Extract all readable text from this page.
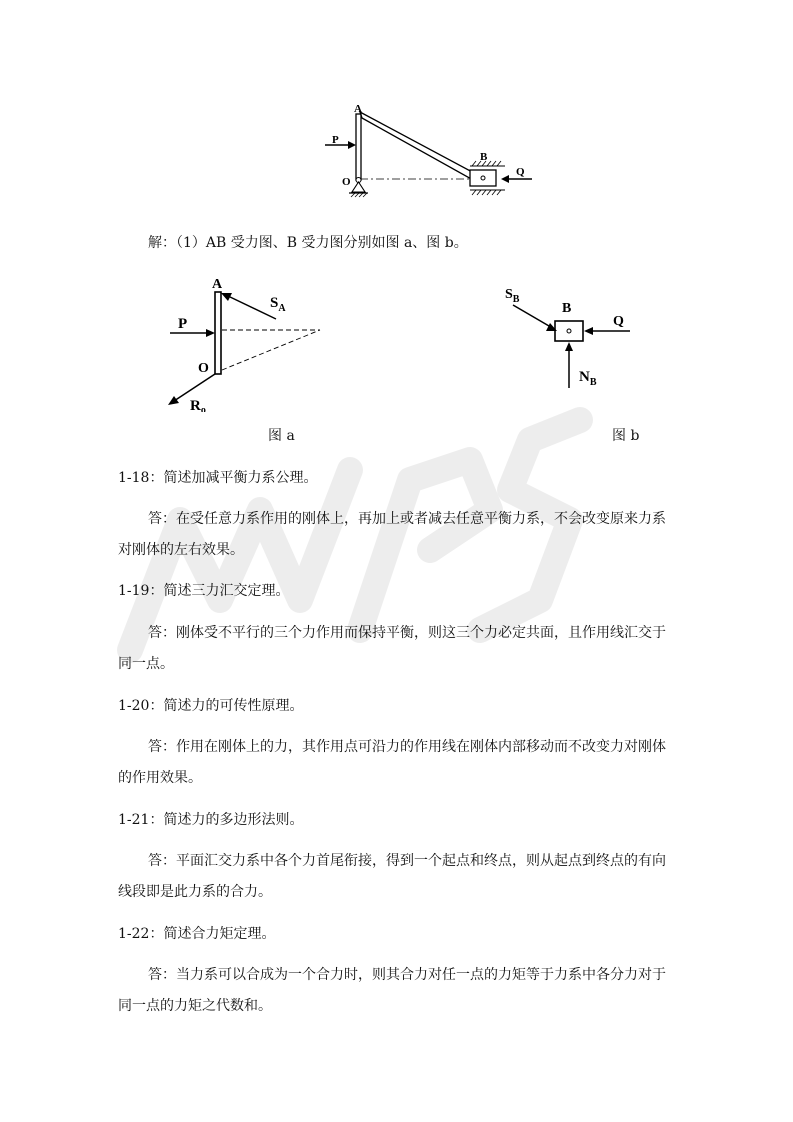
A
P
O
B
Q
解：（1）AB 受力图、B 受力图分别如图 a、图 b。
A
P
O
$S_A$
$R_o$
$S_B$
B
Q
$N_B$
图 a	图 b
1-18：简述加减平衡力系公理。
答：在受任意力系作用的刚体上，再加上或者减去任意平衡力系，不会改变原来力系
对刚体的左右效果。
1-19：简述三力汇交定理。
答：刚体受不平行的三个力作用而保持平衡，则这三个力必定共面，且作用线汇交于
同一点。
1-20：简述力的可传性原理。
答：作用在刚体上的力，其作用点可沿力的作用线在刚体内部移动而不改变力对刚体
的作用效果。
1-21：简述力的多边形法则。
答：平面汇交力系中各个力首尾衔接，得到一个起点和终点，则从起点到终点的有向
线段即是此力系的合力。
1-22：简述合力矩定理。
答：当力系可以合成为一个合力时，则其合力对任一点的力矩等于力系中各分力对于
同一点的力矩之代数和。
